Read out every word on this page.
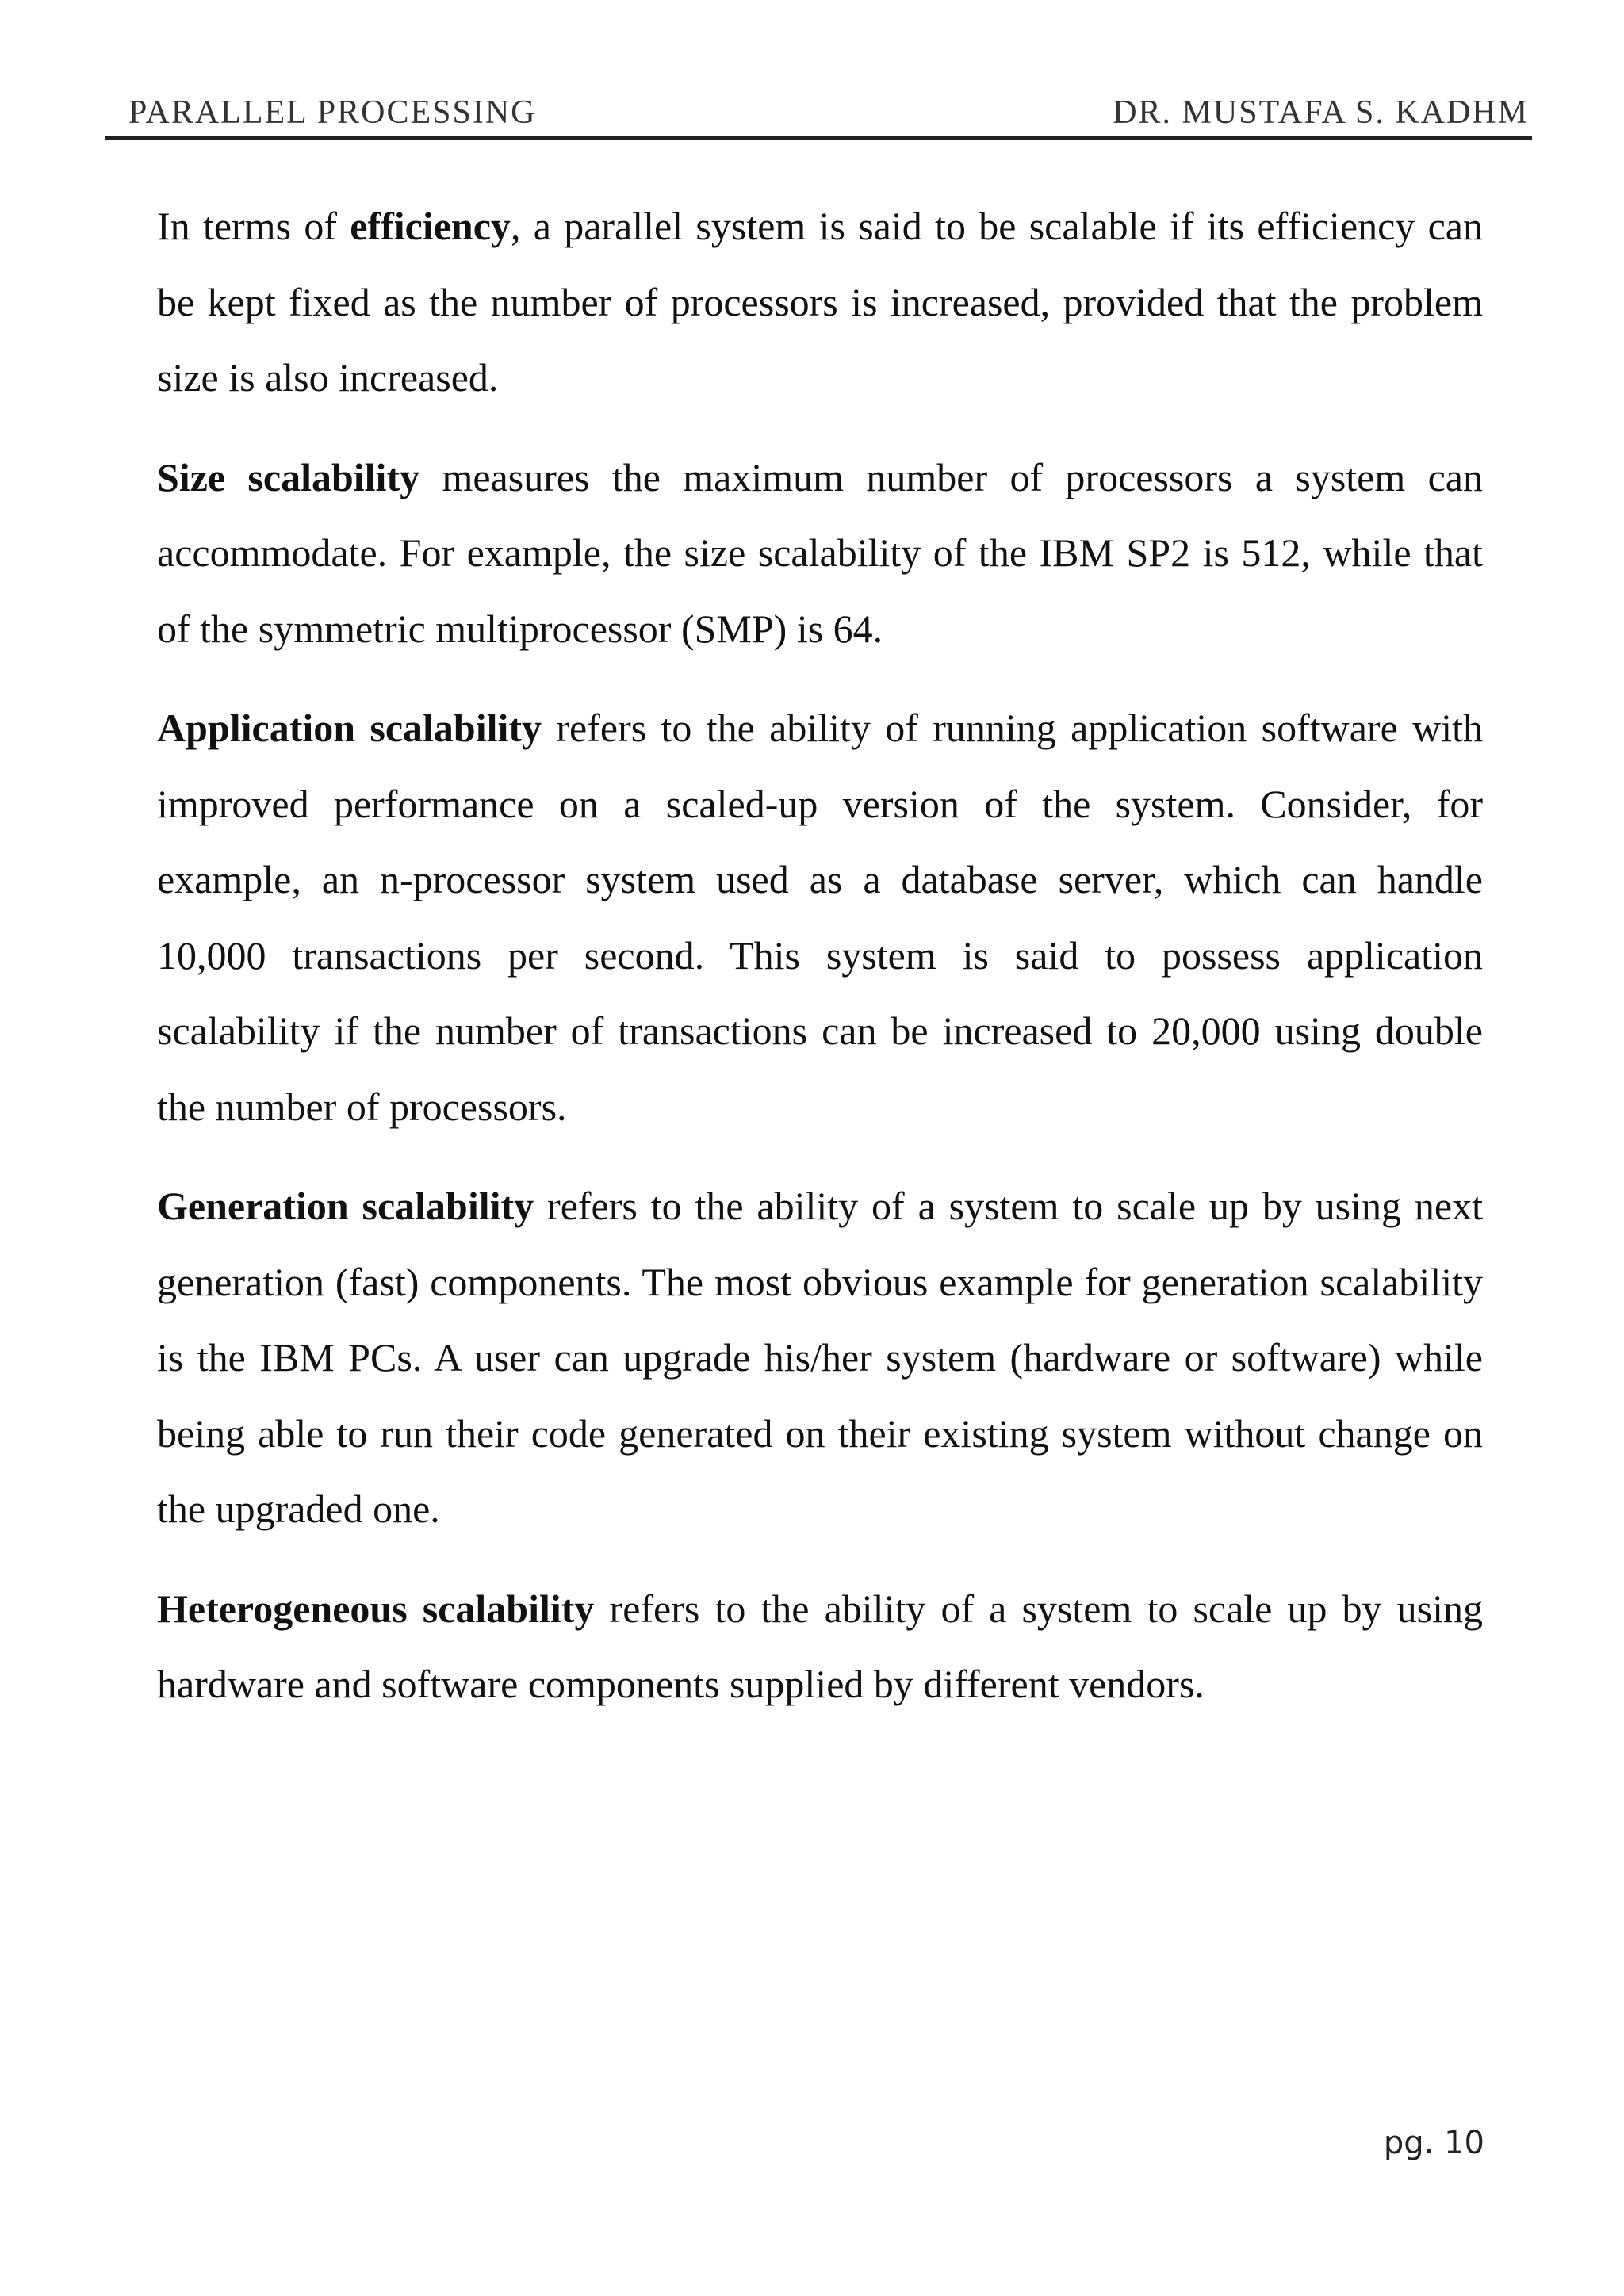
PARALLEL PROCESSING	DR. MUSTAFA S. KADHM

In terms of efficiency, a parallel system is said to be scalable if its efficiency can be kept fixed as the number of processors is increased, provided that the problem size is also increased.

Size scalability measures the maximum number of processors a system can accommodate. For example, the size scalability of the IBM SP2 is 512, while that of the symmetric multiprocessor (SMP) is 64.

Application scalability refers to the ability of running application software with improved performance on a scaled-up version of the system. Consider, for example, an n-processor system used as a database server, which can handle 10,000 transactions per second. This system is said to possess application scalability if the number of transactions can be increased to 20,000 using double the number of processors.

Generation scalability refers to the ability of a system to scale up by using next generation (fast) components. The most obvious example for generation scalability is the IBM PCs. A user can upgrade his/her system (hardware or software) while being able to run their code generated on their existing system without change on the upgraded one.

Heterogeneous scalability refers to the ability of a system to scale up by using hardware and software components supplied by different vendors.

pg. 10
